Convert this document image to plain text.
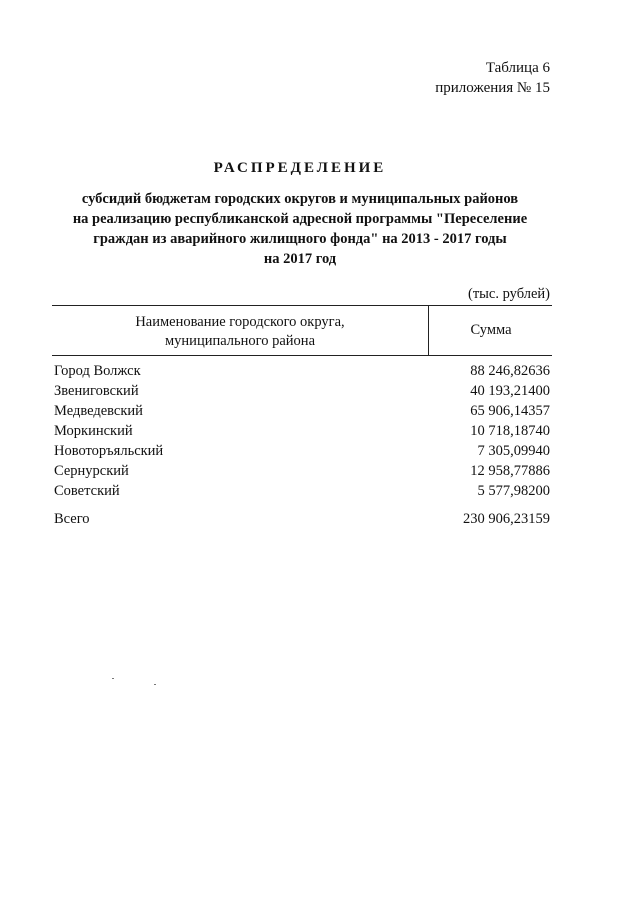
Таблица 6
приложения № 15
РАСПРЕДЕЛЕНИЕ
субсидий бюджетам городских округов и муниципальных районов
на реализацию республиканской адресной программы "Переселение
граждан из аварийного жилищного фонда" на 2013 - 2017 годы
на 2017 год
(тыс. рублей)
Наименование городского округа,
муниципального района
Сумма
Город Волжск	88 246,82636
Звениговский	40 193,21400
Медведевский	65 906,14357
Моркинский	10 718,18740
Новоторъяльский	7 305,09940
Сернурский	12 958,77886
Советский	5 577,98200
Всего	230 906,23159
